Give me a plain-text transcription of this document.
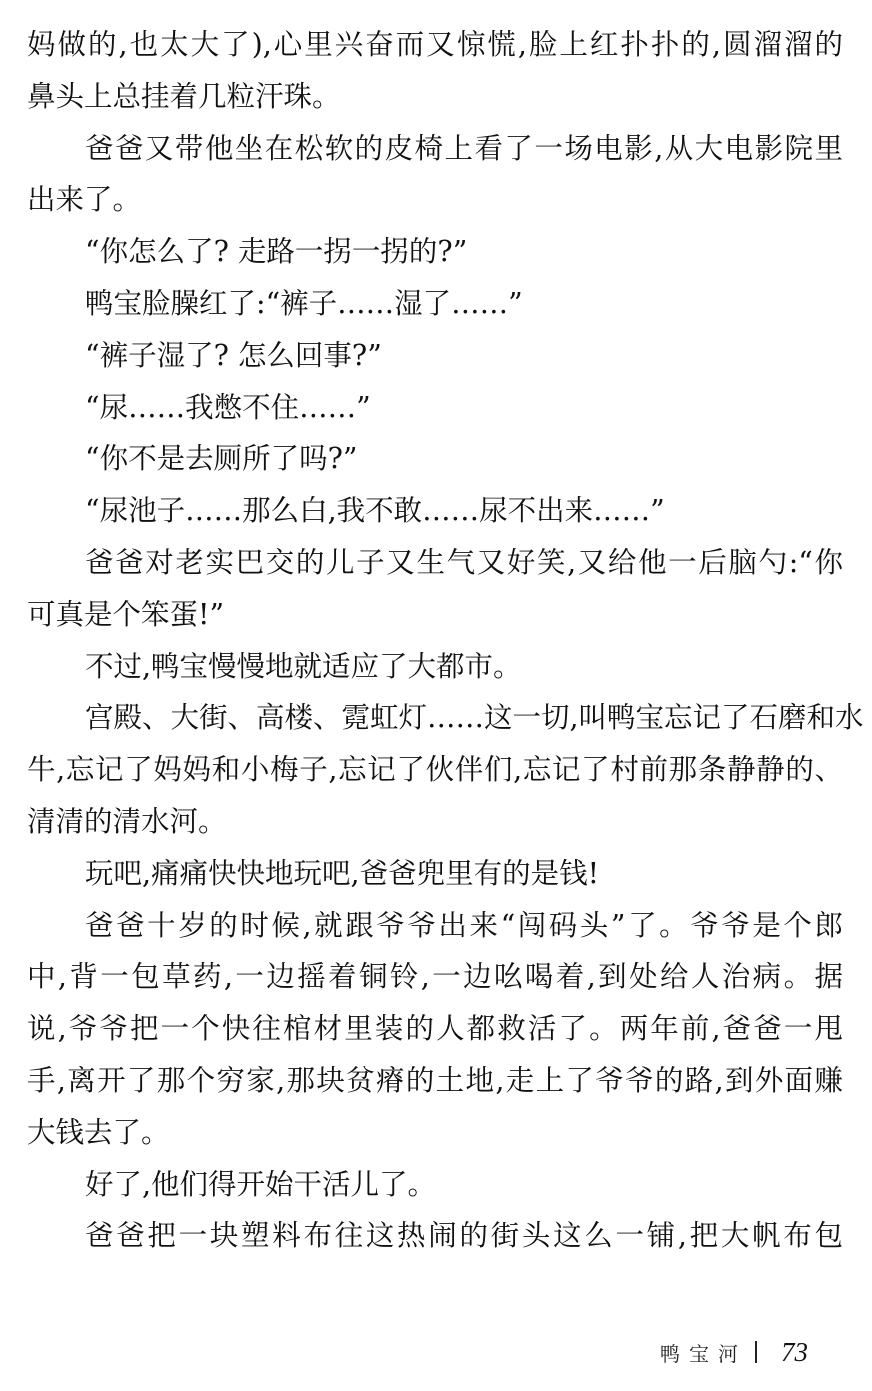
妈做的,也太大了),心里兴奋而又惊慌,脸上红扑扑的,圆溜溜的
鼻头上总挂着几粒汗珠。
爸爸又带他坐在松软的皮椅上看了一场电影,从大电影院里
出来了。
“你怎么了? 走路一拐一拐的?”
鸭宝脸臊红了:“裤子……湿了……”
“裤子湿了? 怎么回事?”
“尿……我憋不住……”
“你不是去厕所了吗?”
“尿池子……那么白,我不敢……尿不出来……”
爸爸对老实巴交的儿子又生气又好笑,又给他一后脑勺:“你
可真是个笨蛋!”
不过,鸭宝慢慢地就适应了大都市。
宫殿、大街、高楼、霓虹灯……这一切,叫鸭宝忘记了石磨和水
牛,忘记了妈妈和小梅子,忘记了伙伴们,忘记了村前那条静静的、
清清的清水河。
玩吧,痛痛快快地玩吧,爸爸兜里有的是钱!
爸爸十岁的时候,就跟爷爷出来“闯码头”了。爷爷是个郎
中,背一包草药,一边摇着铜铃,一边吆喝着,到处给人治病。据
说,爷爷把一个快往棺材里装的人都救活了。两年前,爸爸一甩
手,离开了那个穷家,那块贫瘠的土地,走上了爷爷的路,到外面赚
大钱去了。
好了,他们得开始干活儿了。
爸爸把一块塑料布往这热闹的街头这么一铺,把大帆布包
鸭宝河 73
